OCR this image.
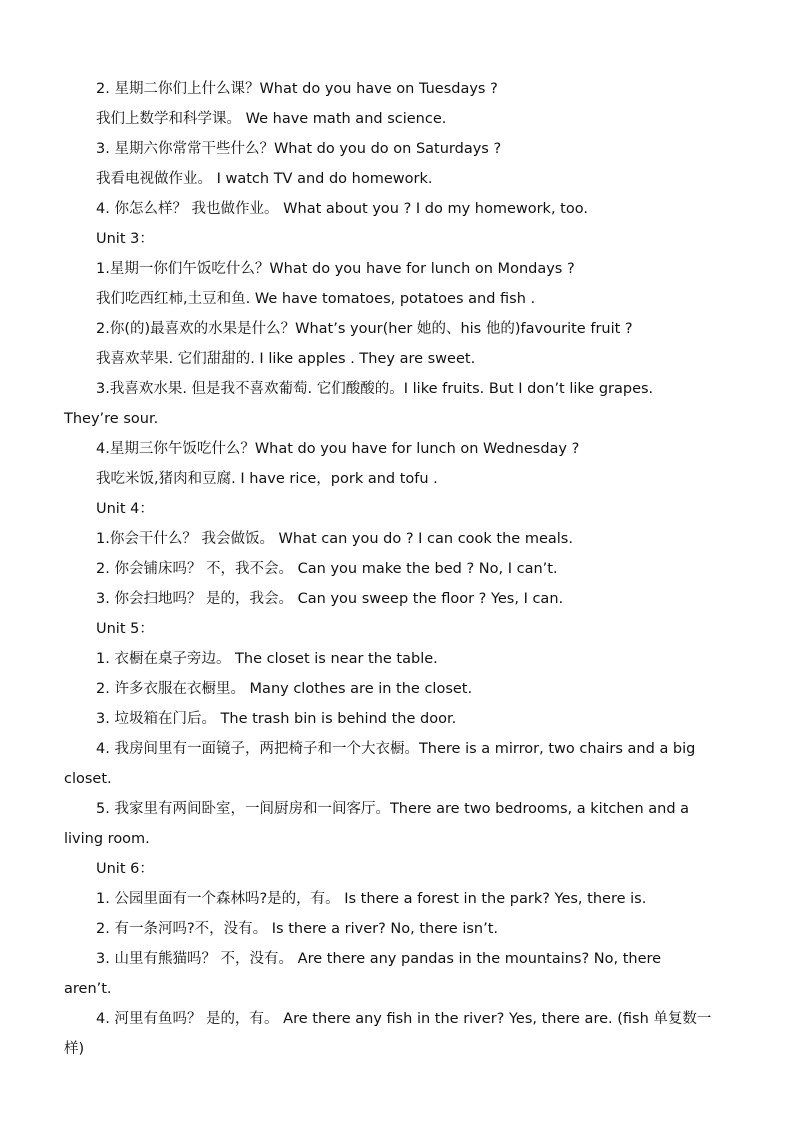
2. 星期二你们上什么课？What do you have on Tuesdays ?
我们上数学和科学课。 We have math and science.
3. 星期六你常常干些什么？What do you do on Saturdays ?
我看电视做作业。 I watch TV and do homework.
4. 你怎么样？ 我也做作业。 What about you ? I do my homework, too.
Unit 3：
1.星期一你们午饭吃什么？What do you have for lunch on Mondays ?
我们吃西红柿,土豆和鱼. We have tomatoes, potatoes and fish .
2.你(的)最喜欢的水果是什么？What’s your(her 她的、his 他的)favourite fruit ?
我喜欢苹果. 它们甜甜的. I like apples . They are sweet.
3.我喜欢水果. 但是我不喜欢葡萄. 它们酸酸的。I like fruits. But I don’t like grapes.
They’re sour.
4.星期三你午饭吃什么？What do you have for lunch on Wednesday ?
我吃米饭,猪肉和豆腐. I have rice，pork and tofu .
Unit 4：
1.你会干什么？ 我会做饭。 What can you do ? I can cook the meals.
2. 你会铺床吗？ 不，我不会。 Can you make the bed ? No, I can’t.
3. 你会扫地吗？ 是的，我会。 Can you sweep the floor ? Yes, I can.
Unit 5：
1. 衣橱在桌子旁边。 The closet is near the table.
2. 许多衣服在衣橱里。 Many clothes are in the closet.
3. 垃圾箱在门后。 The trash bin is behind the door.
4. 我房间里有一面镜子，两把椅子和一个大衣橱。There is a mirror, two chairs and a big
closet.
5. 我家里有两间卧室，一间厨房和一间客厅。There are two bedrooms, a kitchen and a
living room.
Unit 6：
1. 公园里面有一个森林吗?是的，有。 Is there a forest in the park? Yes, there is.
2. 有一条河吗?不，没有。 Is there a river? No, there isn’t.
3. 山里有熊猫吗？ 不，没有。 Are there any pandas in the mountains? No, there
aren’t.
4. 河里有鱼吗？ 是的，有。 Are there any fish in the river? Yes, there are. (fish 单复数一
样)
